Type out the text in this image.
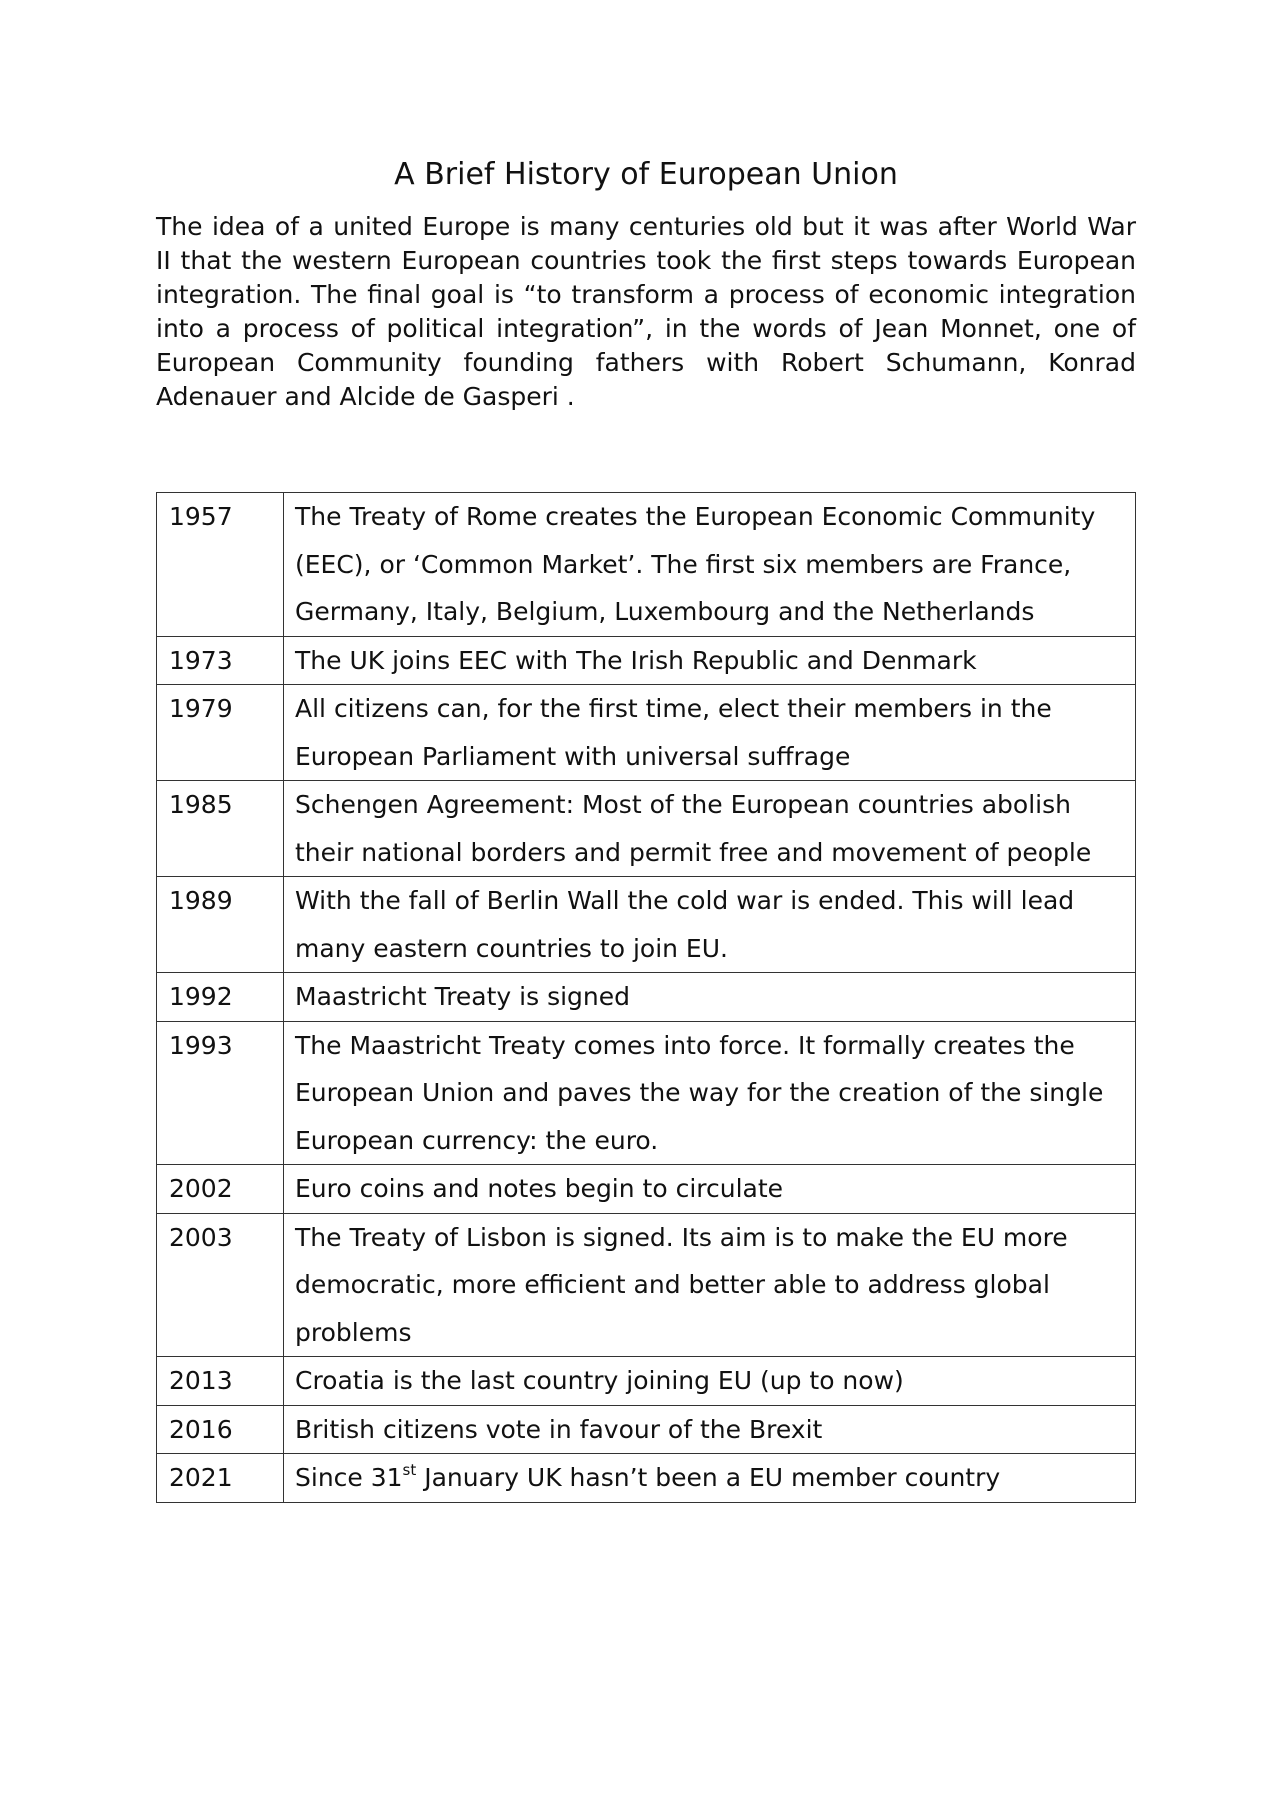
A Brief History of European Union

The idea of a united Europe is many centuries old but it was after World War II that the western European countries took the first steps towards European integration. The final goal is “to transform a process of economic integration into a process of political integration”, in the words of Jean Monnet, one of European Community founding fathers with Robert Schumann, Konrad Adenauer and Alcide de Gasperi .

1957	The Treaty of Rome creates the European Economic Community (EEC), or ‘Common Market’. The first six members are France, Germany, Italy, Belgium, Luxembourg and the Netherlands
1973	The UK joins EEC with The Irish Republic and Denmark
1979	All citizens can, for the first time, elect their members in the European Parliament with universal suffrage
1985	Schengen Agreement: Most of the European countries abolish their national borders and permit free and movement of people
1989	With the fall of Berlin Wall the cold war is ended. This will lead many eastern countries to join EU.
1992	Maastricht Treaty is signed
1993	The Maastricht Treaty comes into force. It formally creates the European Union and paves the way for the creation of the single European currency: the euro.
2002	Euro coins and notes begin to circulate
2003	The Treaty of Lisbon is signed. Its aim is to make the EU more democratic, more efficient and better able to address global problems
2013	Croatia is the last country joining EU (up to now)
2016	British citizens vote in favour of the Brexit
2021	Since 31st January UK hasn’t been a EU member country
